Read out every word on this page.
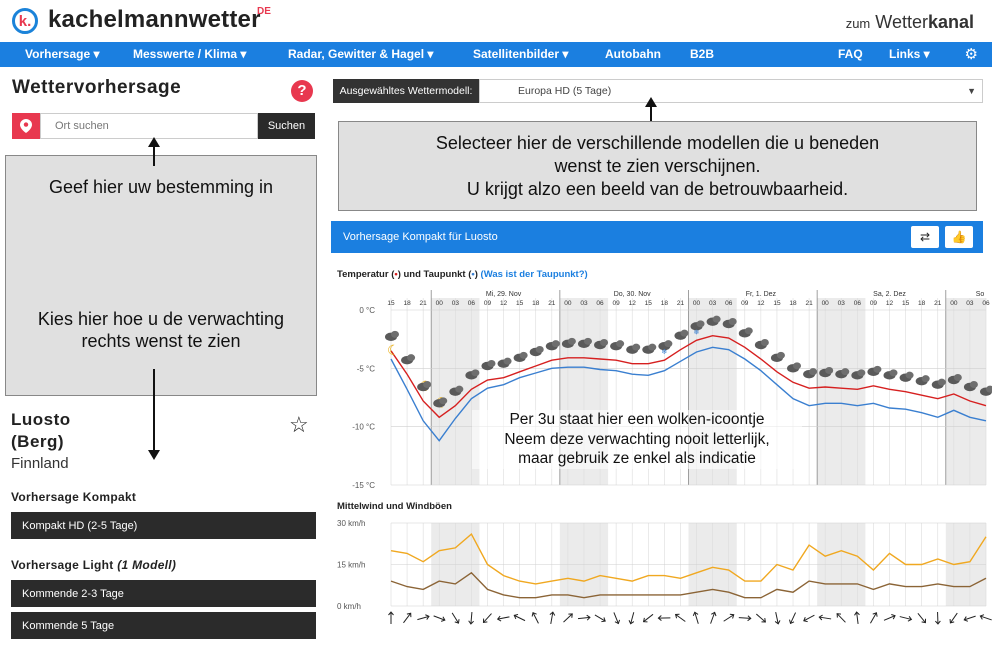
k. kachelmannwetter
DE
zum Wetterkanal
Vorhersage ▾	Messwerte / Klima ▾	Radar, Gewitter & Hagel ▾	Satellitenbilder ▾	Autobahn B2B	FAQ Links ▾ ⚙
Wettervorhersage	?
Ort suchen
Suchen
Geef hier uw bestemming in
Kies hier hoe u de verwachting
rechts wenst te zien
Luosto
(Berg)
Finnland
☆
Vorhersage Kompakt
Kompakt HD (2-5 Tage)
Vorhersage Light (1 Modell)
Kommende 2-3 Tage
Kommende 5 Tage
Ausgewähltes Wettermodell:	Europa HD (5 Tage)	▼
Selecteer hier de verschillende modellen die u beneden
wenst te zien verschijnen.
U krijgt alzo een beeld van de betrouwbaarheid.
Vorhersage Kompakt für Luosto	⇄	👍
Temperatur (•) und Taupunkt (•) (Was ist der Taupunkt?)
Mittelwind und Windböen
0 °C
-5 °C
-10 °C
-15 °C
30 km/h
15 km/h
0 km/h
15 18 21 00 03 06 09 12 15 18 21 00 03 06 09 12 15 18 21 00 03 06 09 12 15 18 21 00 03 06 09 12 15 18 21 00 03 06
Mi, 29. Nov	Do, 30. Nov	Fr, 1. Dez	Sa, 2. Dez	So
☾	❄
❄
Per 3u staat hier een wolken-icoontje
Neem deze verwachting nooit letterlijk,
maar gebruik ze enkel als indicatie
